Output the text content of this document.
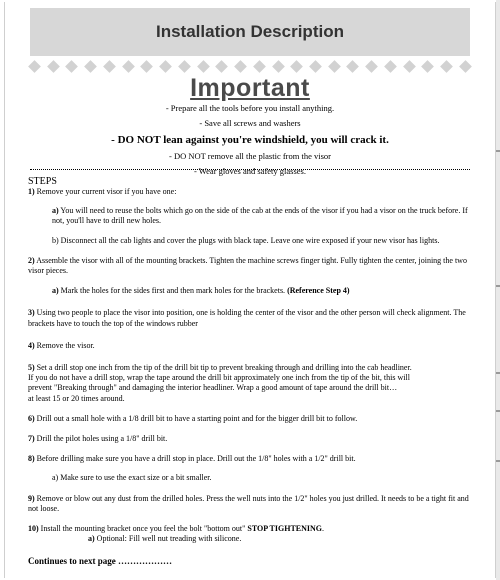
Installation Description
Important
- Prepare all the tools before you install anything.
- Save all screws and washers
- DO NOT lean against you're windshield, you will crack it.
- DO NOT remove all the plastic from the visor
- Wear gloves and safety glasses.
STEPS
1) Remove your current visor if you have one:
a) You will need to reuse the bolts which go on the side of the cab at the ends of the visor if you had a visor on the truck before. If not, you'll have to drill new holes.
b) Disconnect all the cab lights and cover the plugs with black tape. Leave one wire exposed if your new visor has lights.
2) Assemble the visor with all of the mounting brackets. Tighten the machine screws finger tight. Fully tighten the center, joining the two visor pieces.
a) Mark the holes for the sides first and then mark holes for the brackets. (Reference Step 4)
3) Using two people to place the visor into position, one is holding the center of the visor and the other person will check alignment. The brackets have to touch the top of the windows rubber
4) Remove the visor.
5) Set a drill stop one inch from the tip of the drill bit tip to prevent breaking through and drilling into the cab headliner.
If you do not have a drill stop, wrap the tape around the drill bit approximately one inch from the tip of the bit, this will
prevent "Breaking through" and damaging the interior headliner. Wrap a good amount of tape around the drill bit…
at least 15 or 20 times around.
6) Drill out a small hole with a 1/8 drill bit to have a starting point and for the bigger drill bit to follow.
7) Drill the pilot holes using a 1/8" drill bit.
8) Before drilling make sure you have a drill stop in place. Drill out the 1/8" holes with a 1/2" drill bit.
a) Make sure to use the exact size or a bit smaller.
9) Remove or blow out any dust from the drilled holes. Press the well nuts into the 1/2" holes you just drilled. It needs to be a tight fit and not loose.
10) Install the mounting bracket once you feel the bolt "bottom out" STOP TIGHTENING.
a) Optional: Fill well nut treading with silicone.
Continues to next page ………………
